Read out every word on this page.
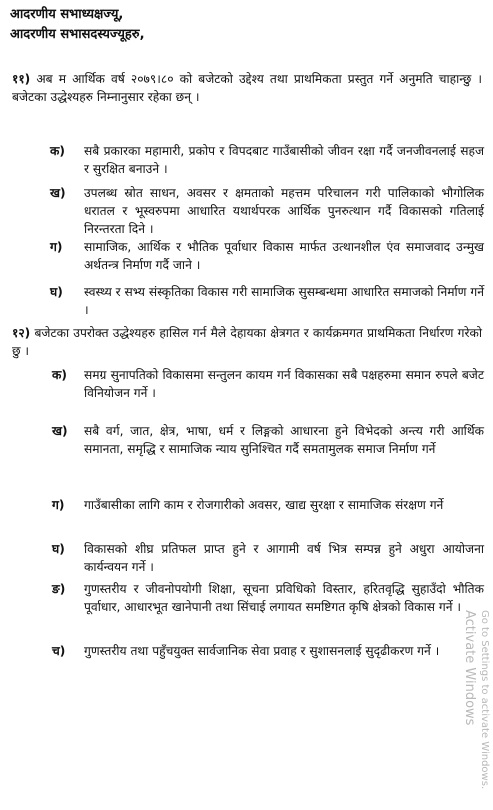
आदरणीय सभाध्यक्षज्यू,
आदरणीय सभासदस्यज्यूहरु,
११) अब म आर्थिक वर्ष २०७९।८० को बजेटको उद्देश्य तथा प्राथमिकता प्रस्तुत गर्ने अनुमति चाहान्छु । बजेटका उद्धेश्यहरु निम्नानुसार रहेका छन् ।
क) सबै प्रकारका महामारी, प्रकोप र विपदबाट गाउँबासीको जीवन रक्षा गर्दै जनजीवनलाई सहज र सुरक्षित बनाउने ।
ख) उपलब्ध स्रोत साधन, अवसर र क्षमताको महत्तम परिचालन गरी पालिकाको भौगोलिक धरातल र भूस्वरुपमा आधारित यथार्थपरक आर्थिक पुनरुत्थान गर्दै विकासको गतिलाई निरन्तरता दिने ।
ग) सामाजिक, आर्थिक र भौतिक पूर्वाधार विकास मार्फत उत्थानशील एंव समाजवाद उन्मुख अर्थतन्त्र निर्माण गर्दै जाने ।
घ) स्वस्थ्य र सभ्य संस्कृतिका विकास गरी सामाजिक सुसम्बन्धमा आधारित समाजको निर्माण गर्ने ।
१२) बजेटका उपरोक्त उद्धेश्यहरु हासिल गर्न मैले देहायका क्षेत्रगत र कार्यक्रमगत प्राथमिकता निर्धारण गरेको छु ।
क) समग्र सुनापतिको विकासमा सन्तुलन कायम गर्न विकासका सबै पक्षहरुमा समान रुपले बजेट विनियोजन गर्ने ।
ख) सबै वर्ग, जात, क्षेत्र, भाषा, धर्म र लिङ्गको आधारना हुने विभेदको अन्त्य गरी आर्थिक समानता, समृद्धि र सामाजिक न्याय सुनिश्चित गर्दै समतामुलक समाज निर्माण गर्ने
ग) गाउँबासीका लागि काम र रोजगारीको अवसर, खाद्य सुरक्षा र सामाजिक संरक्षण गर्ने
घ) विकासको शीघ्र प्रतिफल प्राप्त हुने र आगामी वर्ष भित्र सम्पन्न हुने अधुरा आयोजना कार्यन्वयन गर्ने ।
ङ) गुणस्तरीय र जीवनोपयोगी शिक्षा, सूचना प्रविधिको विस्तार, हरितवृद्धि सुहाउँदो भौतिक पूर्वाधार, आधारभूत खानेपानी तथा सिंचाई लगायत समष्टिगत कृषि क्षेत्रको विकास गर्ने ।
च) गुणस्तरीय तथा पहुँचयुक्त सार्वजानिक सेवा प्रवाह र सुशासनलाई सुदृढीकरण गर्ने ।	Activate Windows Go to Settings to activate Windows.
